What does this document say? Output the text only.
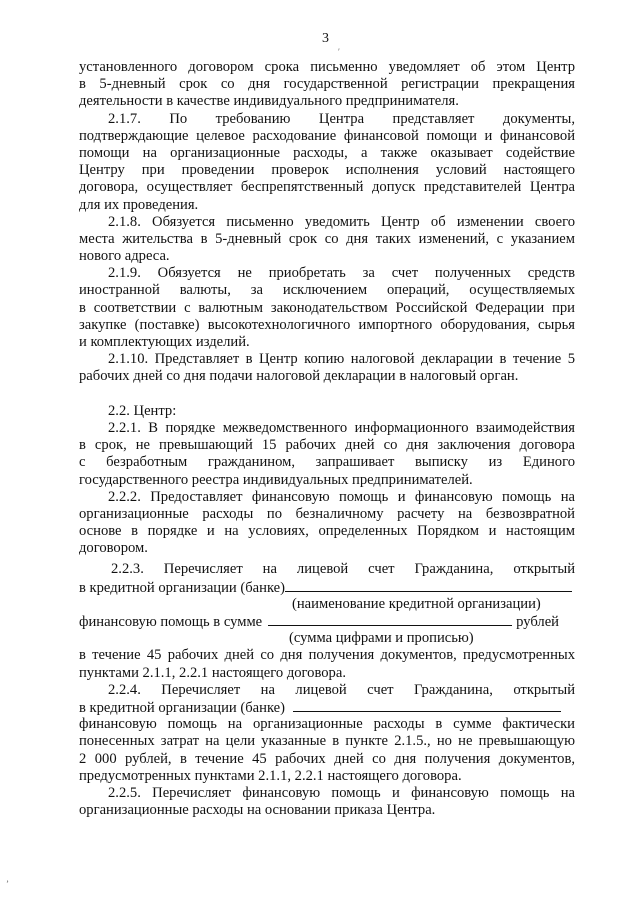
3
′
’
установленного договором срока письменно уведомляет об этом Центр
в 5-дневный срок со дня государственной регистрации прекращения
деятельности в качестве индивидуального предпринимателя.
2.1.7. По требованию Центра представляет документы,
подтверждающие целевое расходование финансовой помощи и финансовой
помощи на организационные расходы, а также оказывает содействие
Центру при проведении проверок исполнения условий настоящего
договора, осуществляет беспрепятственный допуск представителей Центра
для их проведения.
2.1.8. Обязуется письменно уведомить Центр об изменении своего
места жительства в 5-дневный срок со дня таких изменений, с указанием
нового адреса.
2.1.9. Обязуется не приобретать за счет полученных средств
иностранной валюты, за исключением операций, осуществляемых
в соответствии с валютным законодательством Российской Федерации при
закупке (поставке) высокотехнологичного импортного оборудования, сырья
и комплектующих изделий.
2.1.10. Представляет в Центр копию налоговой декларации в течение 5
рабочих дней со дня подачи налоговой декларации в налоговый орган.
2.2. Центр:
2.2.1. В порядке межведомственного информационного взаимодействия
в срок, не превышающий 15 рабочих дней со дня заключения договора
с безработным гражданином, запрашивает выписку из Единого
государственного реестра индивидуальных предпринимателей.
2.2.2. Предоставляет финансовую помощь и финансовую помощь на
организационные расходы по безналичному расчету на безвозвратной
основе в порядке и на условиях, определенных Порядком и настоящим
договором.
2.2.3. Перечисляет на лицевой счет Гражданина, открытый
в кредитной организации (банке)
(наименование кредитной организации)
финансовую помощь в сумме	рублей
(сумма цифрами и прописью)
в течение 45 рабочих дней со дня получения документов, предусмотренных
пунктами 2.1.1, 2.2.1 настоящего договора.
2.2.4. Перечисляет на лицевой счет Гражданина, открытый
в кредитной организации (банке)
финансовую помощь на организационные расходы в сумме фактически
понесенных затрат на цели указанные в пункте 2.1.5., но не превышающую
2 000 рублей, в течение 45 рабочих дней со дня получения документов,
предусмотренных пунктами 2.1.1, 2.2.1 настоящего договора.
2.2.5. Перечисляет финансовую помощь и финансовую помощь на
организационные расходы на основании приказа Центра.
